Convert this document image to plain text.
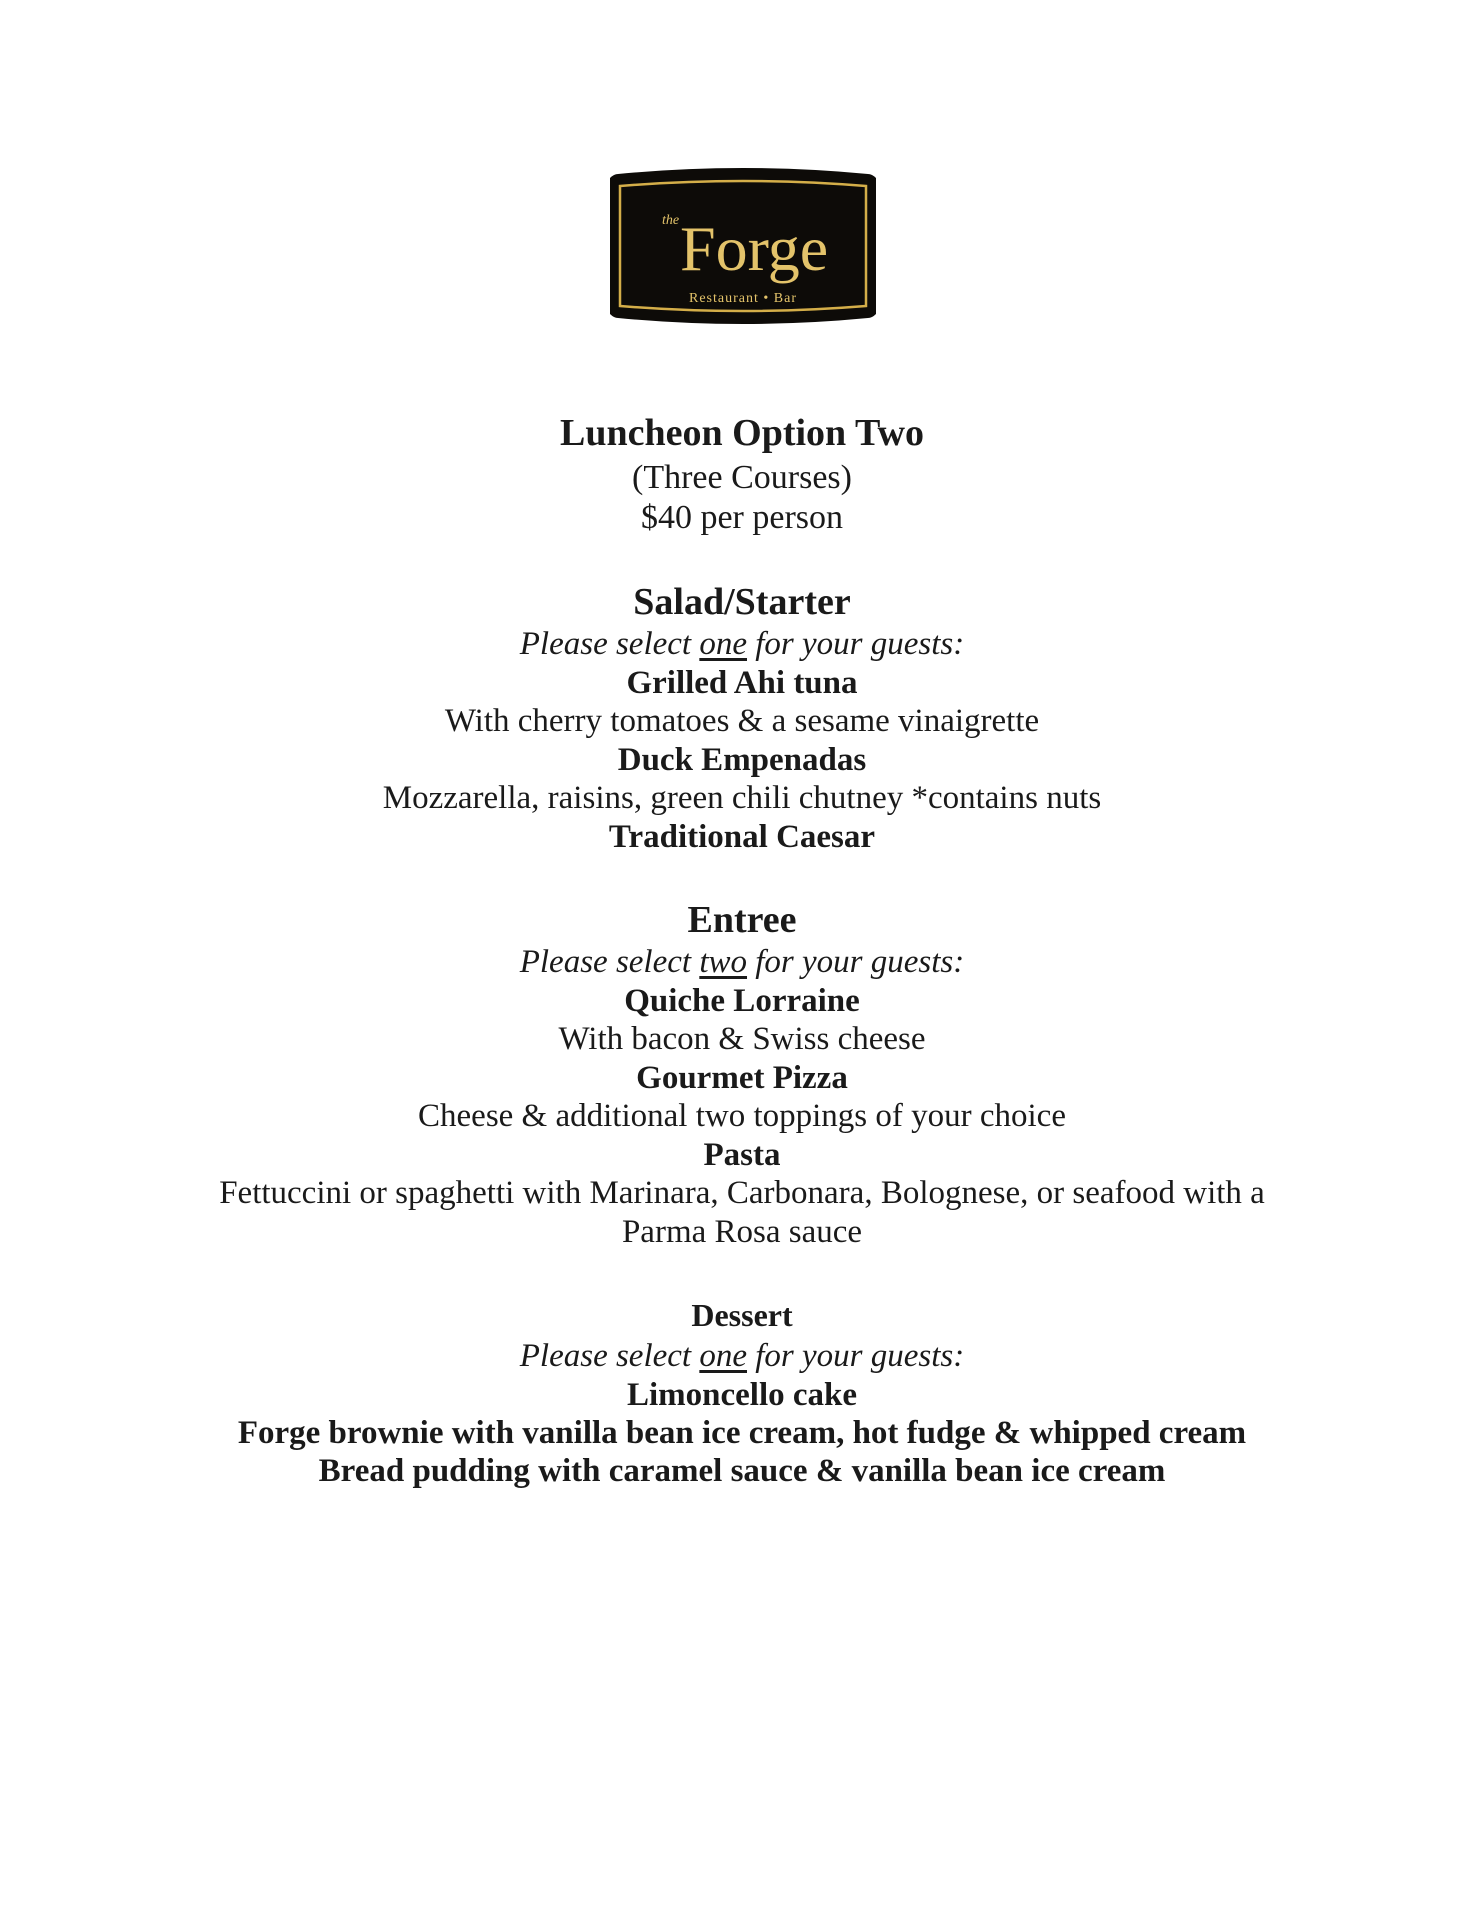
the Forge
Restaurant • Bar

Luncheon Option Two

(Three Courses)

$40 per person

Salad/Starter

Please select one for your guests:

Grilled Ahi tuna

With cherry tomatoes & a sesame vinaigrette

Duck Empenadas

Mozzarella, raisins, green chili chutney *contains nuts

Traditional Caesar

Entree

Please select two for your guests:

Quiche Lorraine

With bacon & Swiss cheese

Gourmet Pizza

Cheese & additional two toppings of your choice

Pasta

Fettuccini or spaghetti with Marinara, Carbonara, Bolognese, or seafood with a Parma Rosa sauce

Dessert

Please select one for your guests:

Limoncello cake

Forge brownie with vanilla bean ice cream, hot fudge & whipped cream

Bread pudding with caramel sauce & vanilla bean ice cream
